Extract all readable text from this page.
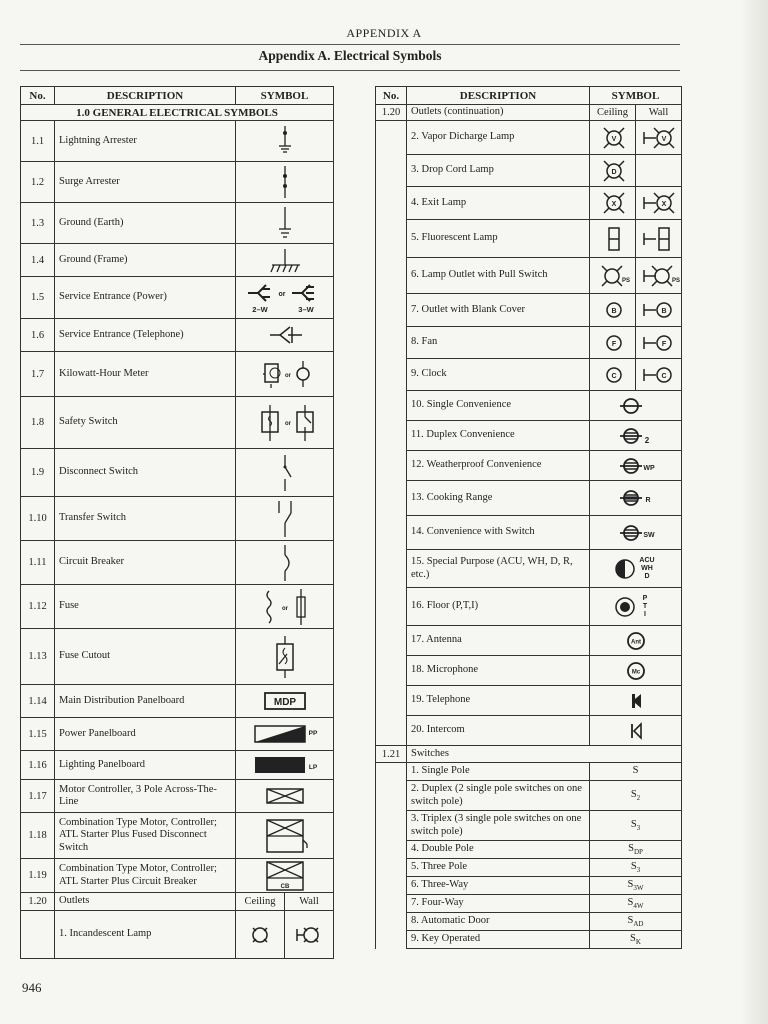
APPENDIX A
Appendix A. Electrical Symbols
No.	DESCRIPTION	SYMBOL	
1.0 GENERAL ELECTRICAL SYMBOLS			
1.1	Lightning Arrester	

1.2	Surge Arrester	

1.3	Ground (Earth)	

1.4	Ground (Frame)	

1.5	Service Entrance (Power)	or
2–W 3–W	

1.6	Service Entrance (Telephone)	

1.7	Kilowatt-Hour Meter	or	

1.8	Safety Switch	or	

1.9	Disconnect Switch	

1.10	Transfer Switch	

1.11	Circuit Breaker	

1.12	Fuse	or	

1.13	Fuse Cutout	

1.14	Main Distribution Panelboard	MDP	

1.15	Power Panelboard	PP	

1.16	Lighting Panelboard	LP	

1.17	Motor Controller, 3 Pole Across-The-Line	

1.18	Combination Type Motor, Controller; ATL Starter Plus Fused Disconnect Switch	

1.19	Combination Type Motor, Controller; ATL Starter Plus Circuit Breaker	CB	

1.20	Outlets	Ceiling	Wall
	1. Incandescent Lamp	

No.	DESCRIPTION	SYMBOL	
1.20	Outlets (continuation)	Ceiling	Wall
	2. Vapor Dicharge Lamp	V	V

	3. Drop Cord Lamp	D	

	4. Exit Lamp	X	X

	5. Fluorescent Lamp	

	6. Lamp Outlet with Pull Switch	PS	PS

	7. Outlet with Blank Cover	B	B

	8. Fan	F	F

	9. Clock	C	C

	10. Single Convenience	

	11. Duplex Convenience	2	

	12. Weatherproof Convenience	WP	

	13. Cooking Range	R	

	14. Convenience with Switch	SW	

	15. Special Purpose (ACU, WH, D, R, etc.)	ACU
WH
D	

	16. Floor (P,T,I)	P
T
I	

	17. Antenna	Ant	

	18. Microphone	Mc	

	19. Telephone	

	20. Intercom	

1.21	Switches		
	1. Single Pole	S	
	2. Duplex (2 single pole switches on one switch pole)	$S_2$
	3. Triplex (3 single pole switches on one switch pole)	$S_3$
	4. Double Pole	$S_{DP}$
	5. Three Pole	$S_3$
	6. Three-Way	$S_{3W}$
	7. Four-Way	$S_{4W}$
	8. Automatic Door	$S_{AD}$
	9. Key Operated	$S_K$
946
